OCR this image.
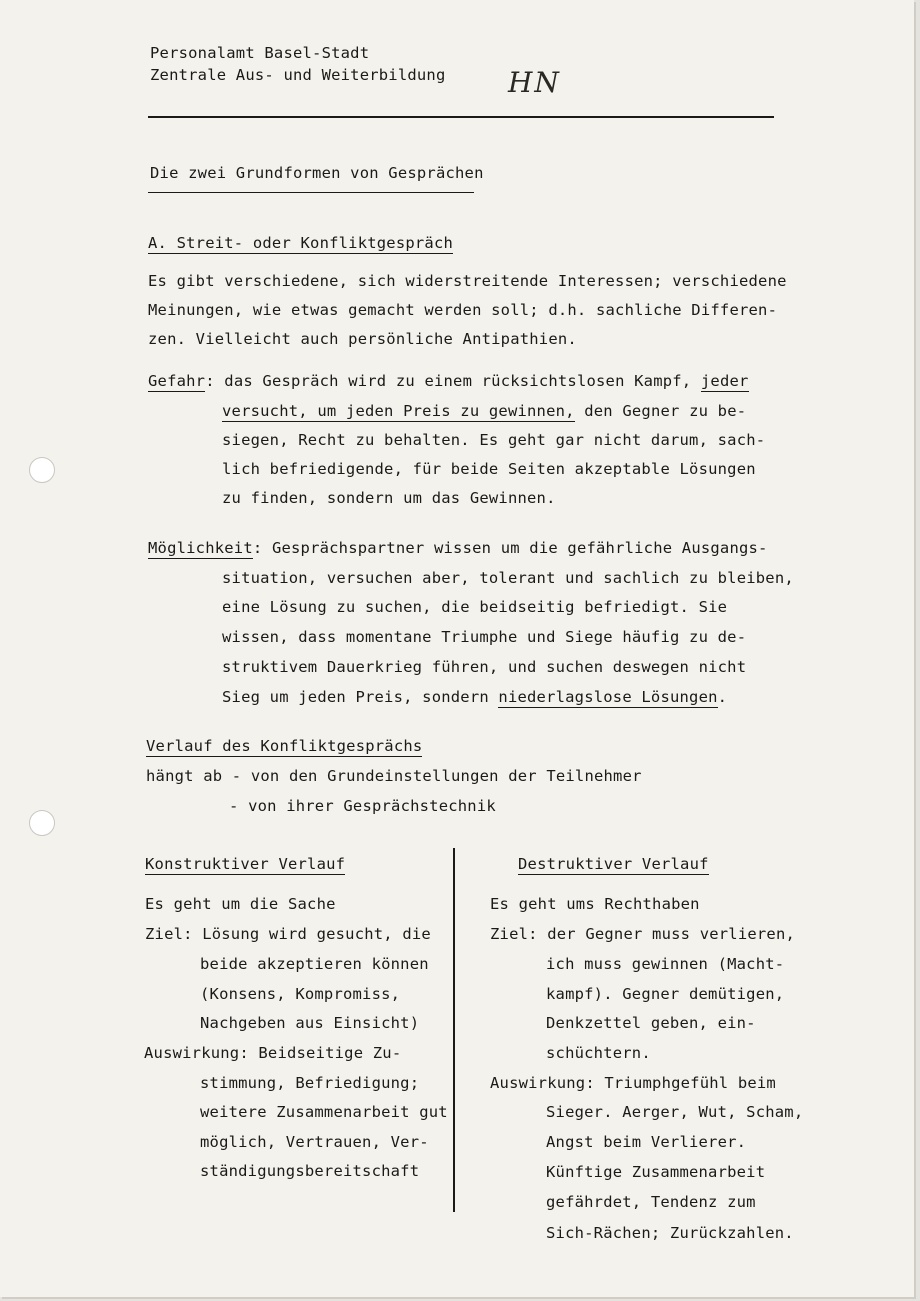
Personalamt Basel-Stadt
Zentrale Aus- und Weiterbildung HN
Die zwei Grundformen von Gesprächen
A. Streit- oder Konfliktgespräch
Es gibt verschiedene, sich widerstreitende Interessen; verschiedene
Meinungen, wie etwas gemacht werden soll; d.h. sachliche Differen-
zen. Vielleicht auch persönliche Antipathien.
Gefahr: das Gespräch wird zu einem rücksichtslosen Kampf, jeder
versucht, um jeden Preis zu gewinnen, den Gegner zu be-
siegen, Recht zu behalten. Es geht gar nicht darum, sach-
lich befriedigende, für beide Seiten akzeptable Lösungen
zu finden, sondern um das Gewinnen.
Möglichkeit: Gesprächspartner wissen um die gefährliche Ausgangs-
situation, versuchen aber, tolerant und sachlich zu bleiben,
eine Lösung zu suchen, die beidseitig befriedigt. Sie
wissen, dass momentane Triumphe und Siege häufig zu de-
struktivem Dauerkrieg führen, und suchen deswegen nicht
Sieg um jeden Preis, sondern niederlagslose Lösungen.
Verlauf des Konfliktgesprächs
hängt ab - von den Grundeinstellungen der Teilnehmer
- von ihrer Gesprächstechnik
Konstruktiver Verlauf
Es geht um die Sache
Ziel: Lösung wird gesucht, die
beide akzeptieren können
(Konsens, Kompromiss,
Nachgeben aus Einsicht)
Auswirkung: Beidseitige Zu-
stimmung, Befriedigung;
weitere Zusammenarbeit gut
möglich, Vertrauen, Ver-
ständigungsbereitschaft
Destruktiver Verlauf
Es geht ums Rechthaben
Ziel: der Gegner muss verlieren,
ich muss gewinnen (Macht-
kampf). Gegner demütigen,
Denkzettel geben, ein-
schüchtern.
Auswirkung: Triumphgefühl beim
Sieger. Aerger, Wut, Scham,
Angst beim Verlierer.
Künftige Zusammenarbeit
gefährdet, Tendenz zum
Sich-Rächen; Zurückzahlen.
